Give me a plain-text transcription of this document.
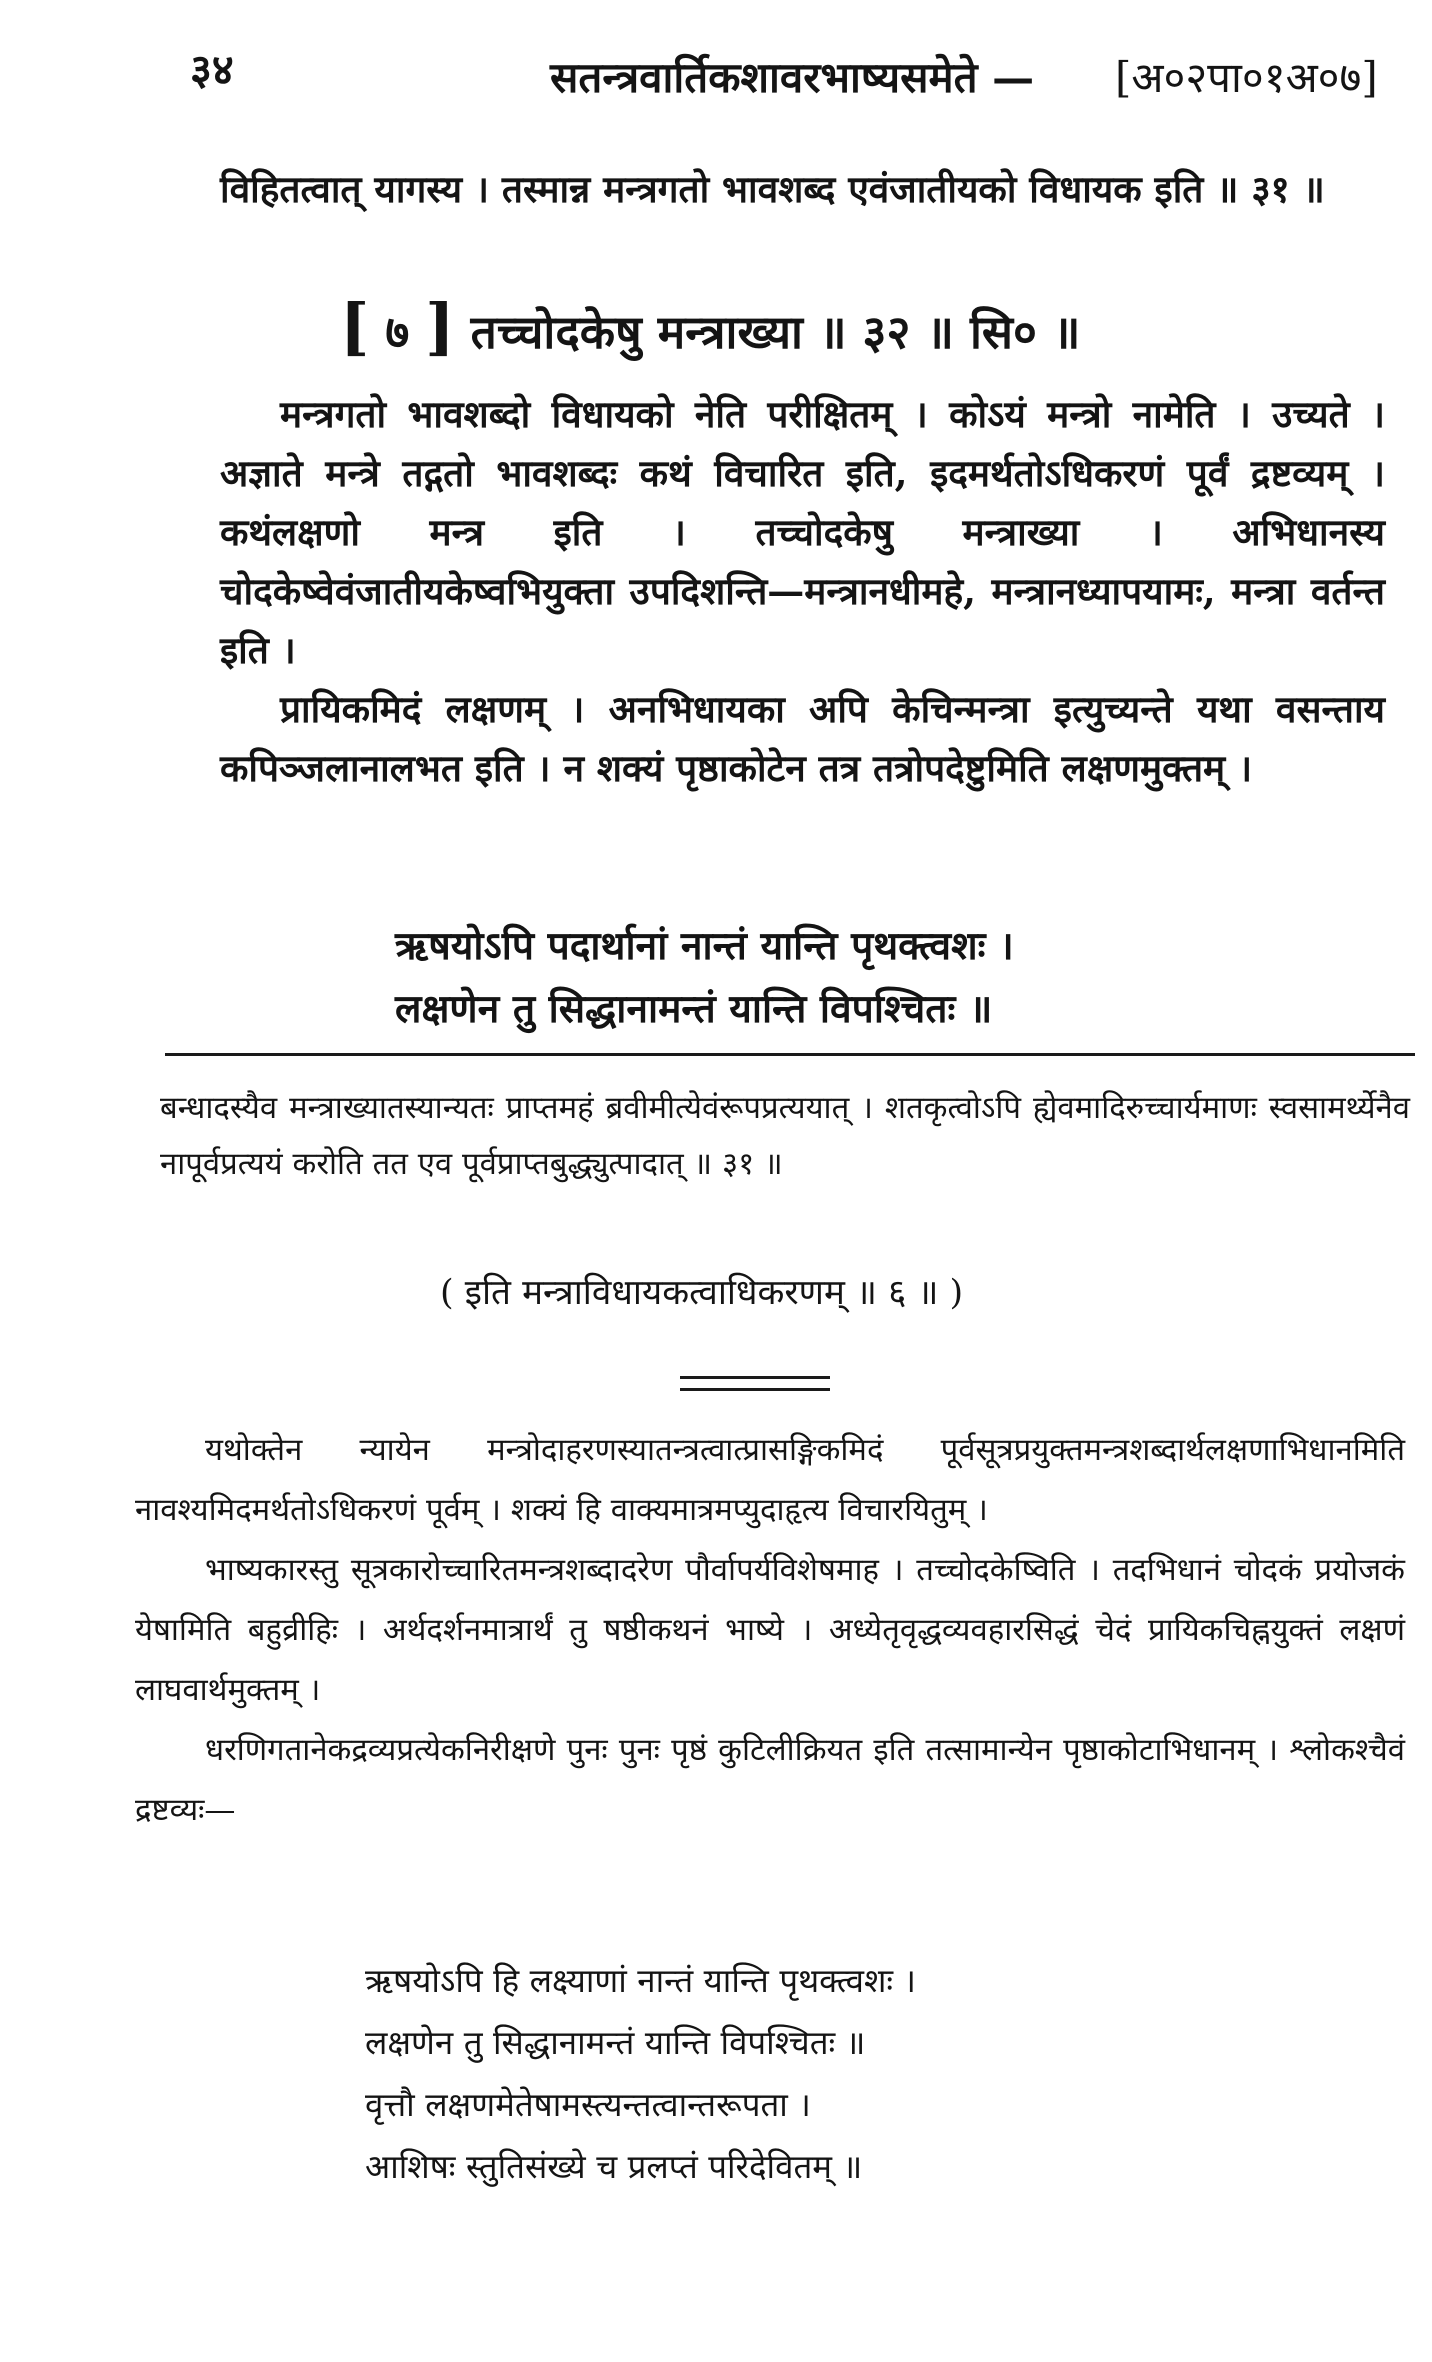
३४	सतन्त्रवार्तिकशावरभाष्यसमेते — [अ०२पा०१अ०७]

विहितत्वात् यागस्य । तस्मान्न मन्त्रगतो भावशब्द एवंजातीयको विधायक इति ॥ ३१ ॥

[ ७ ] तच्चोदकेषु मन्त्राख्या ॥ ३२ ॥ सि० ॥

मन्त्रगतो भावशब्दो विधायको नेति परीक्षितम् । कोऽयं मन्त्रो नामेति । उच्यते । अज्ञाते मन्त्रे तद्गतो भावशब्दः कथं विचारित इति, इदमर्थतोऽधिकरणं पूर्वं द्रष्टव्यम् । कथंलक्षणो मन्त्र इति । तच्चोदकेषु मन्त्राख्या । अभिधानस्य चोदकेष्वेवंजातीयकेष्वभियुक्ता उपदिशन्ति—मन्त्रानधीमहे, मन्त्रानध्यापयामः, मन्त्रा वर्तन्त इति ।

प्रायिकमिदं लक्षणम् । अनभिधायका अपि केचिन्मन्त्रा इत्युच्यन्ते यथा वसन्ताय कपिञ्जलानालभत इति । न शक्यं पृष्ठाकोटेन तत्र तत्रोपदेष्टुमिति लक्षणमुक्तम् ।

ऋषयोऽपि पदार्थानां नान्तं यान्ति पृथक्त्वशः ।
लक्षणेन तु सिद्धानामन्तं यान्ति विपश्चितः ॥

बन्धादस्यैव मन्त्राख्यातस्यान्यतः प्राप्तमहं ब्रवीमीत्येवंरूपप्रत्ययात् । शतकृत्वोऽपि ह्येवमादिरुच्चार्यमाणः स्वसामर्थ्येनैव नापूर्वप्रत्ययं करोति तत एव पूर्वप्राप्तबुद्ध्युत्पादात् ॥ ३१ ॥

( इति मन्त्राविधायकत्वाधिकरणम् ॥ ६ ॥ )

यथोक्तेन न्यायेन मन्त्रोदाहरणस्यातन्त्रत्वात्प्रासङ्गिकमिदं पूर्वसूत्रप्रयुक्तमन्त्रशब्दार्थलक्षणाभिधानमिति नावश्यमिदमर्थतोऽधिकरणं पूर्वम् । शक्यं हि वाक्यमात्रमप्युदाहृत्य विचारयितुम् ।

भाष्यकारस्तु सूत्रकारोच्चारितमन्त्रशब्दादरेण पौर्वापर्यविशेषमाह । तच्चोदकेष्विति । तदभिधानं चोदकं प्रयोजकं येषामिति बहुव्रीहिः । अर्थदर्शनमात्रार्थं तु षष्ठीकथनं भाष्ये । अध्येतृवृद्धव्यवहारसिद्धं चेदं प्रायिकचिह्नयुक्तं लक्षणं लाघवार्थमुक्तम् ।

धरणिगतानेकद्रव्यप्रत्येकनिरीक्षणे पुनः पुनः पृष्ठं कुटिलीक्रियत इति तत्सामान्येन पृष्ठाकोटाभिधानम् । श्लोकश्चैवं द्रष्टव्यः—

ऋषयोऽपि हि लक्ष्याणां नान्तं यान्ति पृथक्त्वशः ।
लक्षणेन तु सिद्धानामन्तं यान्ति विपश्चितः ॥
वृत्तौ लक्षणमेतेषामस्त्यन्तत्वान्तरूपता ।
आशिषः स्तुतिसंख्ये च प्रलप्तं परिदेवितम् ॥
